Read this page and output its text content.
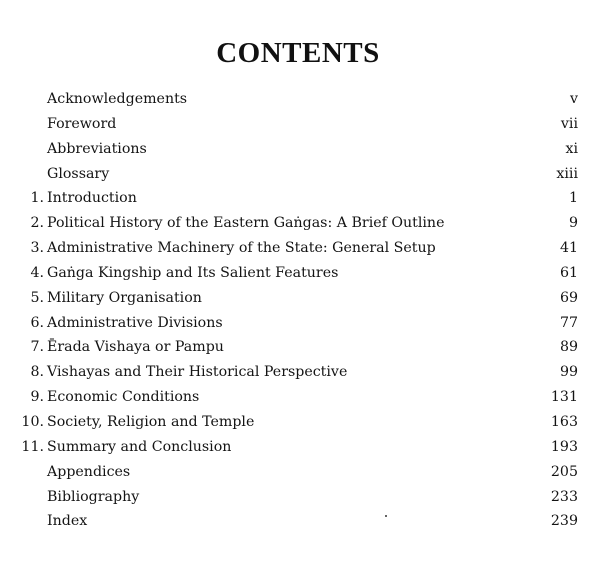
CONTENTS
Acknowledgements	v
Foreword	vii
Abbreviations	xi
Glossary	xiii
1. Introduction	1
2. Political History of the Eastern Gaṅgas: A Brief Outline	9
3. Administrative Machinery of the State: General Setup	41
4. Gaṅga Kingship and Its Salient Features	61
5. Military Organisation	69
6. Administrative Divisions	77
7. Ērada Vishaya or Pampu	89
8. Vishayas and Their Historical Perspective	99
9. Economic Conditions	131
10. Society, Religion and Temple	163
11. Summary and Conclusion	193
Appendices	205
Bibliography	233
Index	239
